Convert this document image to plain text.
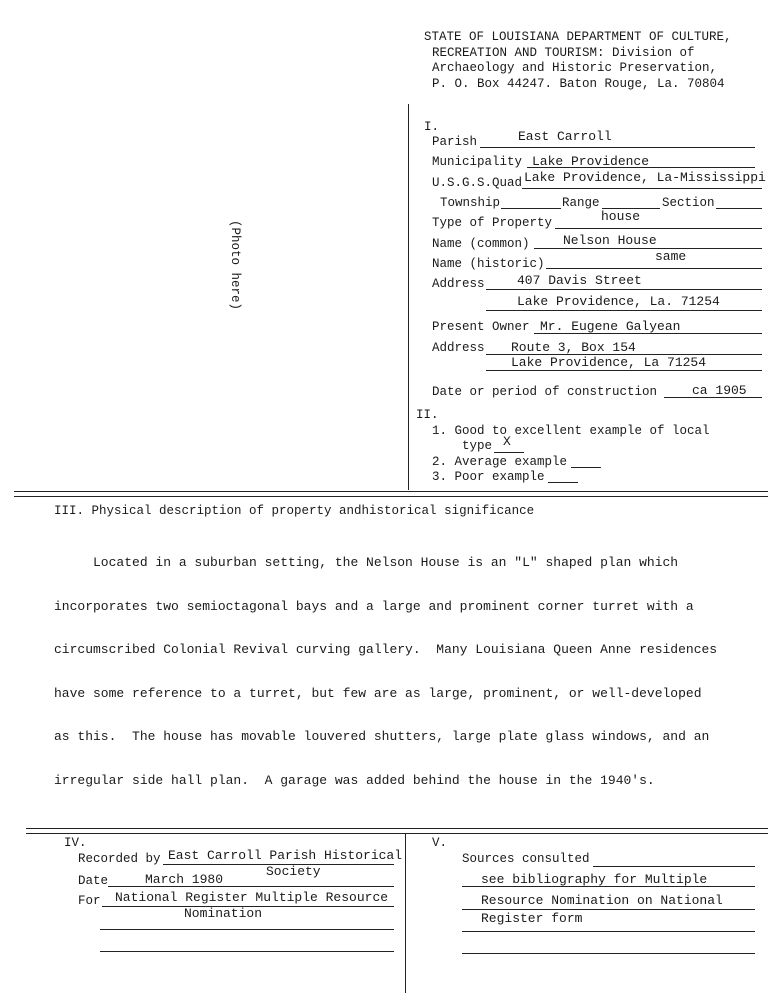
STATE OF LOUISIANA DEPARTMENT OF CULTURE,
RECREATION AND TOURISM: Division of
Archaeology and Historic Preservation,
P. O. Box 44247. Baton Rouge, La. 70804
(Photo here)
I.
Parish	East Carroll
Municipality Lake Providence
U.S.G.S.Quad Lake Providence, La-Mississippi
Township	Range	Section
Type of Property	house
Name (common)	Nelson House
Name (historic)	same
Address 407 Davis Street
Lake Providence, La. 71254
Present Owner Mr. Eugene Galyean
Address Route 3, Box 154
Lake Providence, La 71254
Date or period of construction	ca 1905
II.
1. Good to excellent example of local
type X
2. Average example
3. Poor example
III. Physical description of property andhistorical significance

Located in a suburban setting, the Nelson House is an "L" shaped plan which

incorporates two semioctagonal bays and a large and prominent corner turret with a

circumscribed Colonial Revival curving gallery.  Many Louisiana Queen Anne residences

have some reference to a turret, but few are as large, prominent, or well-developed

as this.  The house has movable louvered shutters, large plate glass windows, and an

irregular side hall plan.  A garage was added behind the house in the 1940's.

IV.
Recorded by East Carroll Parish Historical
Society
Date	March 1980
For National Register Multiple Resource
Nomination
V.
Sources consulted
see bibliography for Multiple
Resource Nomination on National
Register form
